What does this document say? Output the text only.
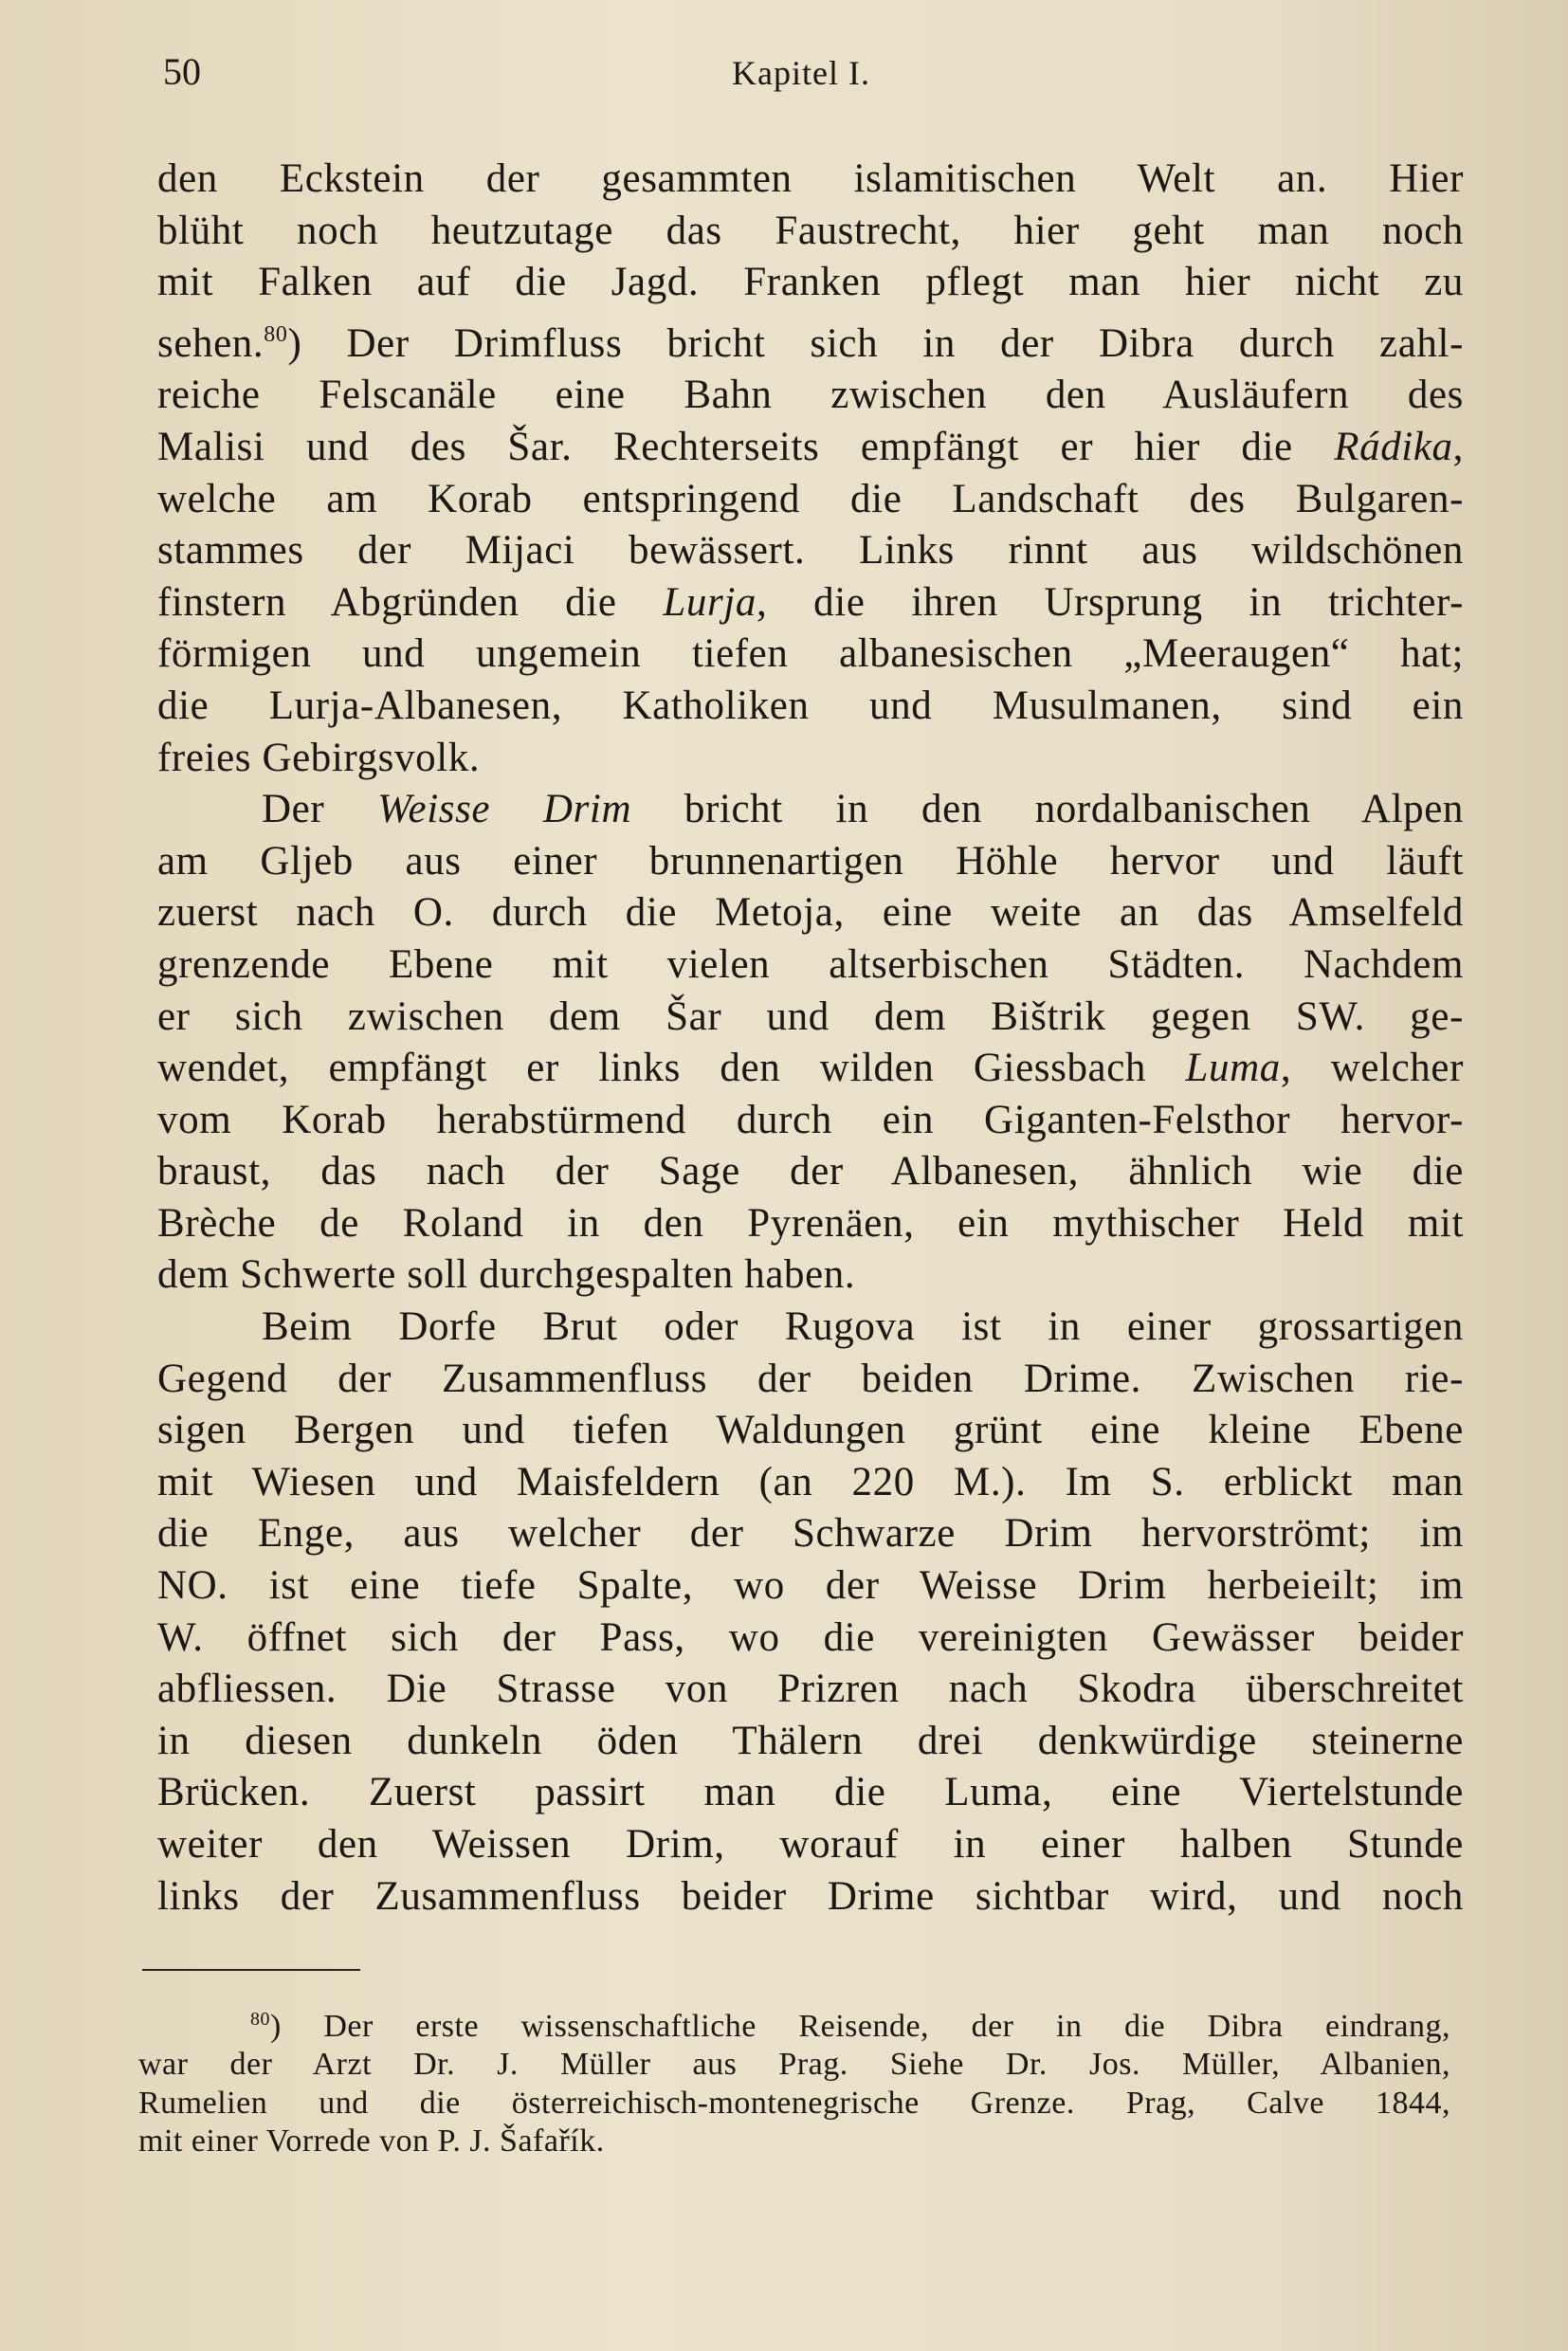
50	Kapitel I.
den Eckstein der gesammten islamitischen Welt an. Hier
blüht noch heutzutage das Faustrecht, hier geht man noch
mit Falken auf die Jagd. Franken pflegt man hier nicht zu
sehen.$^{80}$) Der Drimfluss bricht sich in der Dibra durch zahl-
reiche Felscanäle eine Bahn zwischen den Ausläufern des
Malisi und des Šar. Rechterseits empfängt er hier die Rádika,
welche am Korab entspringend die Landschaft des Bulgaren-
stammes der Mijaci bewässert. Links rinnt aus wildschönen
finstern Abgründen die Lurja, die ihren Ursprung in trichter-
förmigen und ungemein tiefen albanesischen „Meeraugen“ hat;
die Lurja-Albanesen, Katholiken und Musulmanen, sind ein
freies Gebirgsvolk.
Der Weisse Drim bricht in den nordalbanischen Alpen
am Gljeb aus einer brunnenartigen Höhle hervor und läuft
zuerst nach O. durch die Metoja, eine weite an das Amselfeld
grenzende Ebene mit vielen altserbischen Städten. Nachdem
er sich zwischen dem Šar und dem Bištrik gegen SW. ge-
wendet, empfängt er links den wilden Giessbach Luma, welcher
vom Korab herabstürmend durch ein Giganten-Felsthor hervor-
braust, das nach der Sage der Albanesen, ähnlich wie die
Brèche de Roland in den Pyrenäen, ein mythischer Held mit
dem Schwerte soll durchgespalten haben.
Beim Dorfe Brut oder Rugova ist in einer grossartigen
Gegend der Zusammenfluss der beiden Drime. Zwischen rie-
sigen Bergen und tiefen Waldungen grünt eine kleine Ebene
mit Wiesen und Maisfeldern (an 220 M.). Im S. erblickt man
die Enge, aus welcher der Schwarze Drim hervorströmt; im
NO. ist eine tiefe Spalte, wo der Weisse Drim herbeieilt; im
W. öffnet sich der Pass, wo die vereinigten Gewässer beider
abfliessen. Die Strasse von Prizren nach Skodra überschreitet
in diesen dunkeln öden Thälern drei denkwürdige steinerne
Brücken. Zuerst passirt man die Luma, eine Viertelstunde
weiter den Weissen Drim, worauf in einer halben Stunde
links der Zusammenfluss beider Drime sichtbar wird, und noch
$^{80}$) Der erste wissenschaftliche Reisende, der in die Dibra eindrang,
war der Arzt Dr. J. Müller aus Prag. Siehe Dr. Jos. Müller, Albanien,
Rumelien und die österreichisch-montenegrische Grenze. Prag, Calve 1844,
mit einer Vorrede von P. J. Šafařík.
